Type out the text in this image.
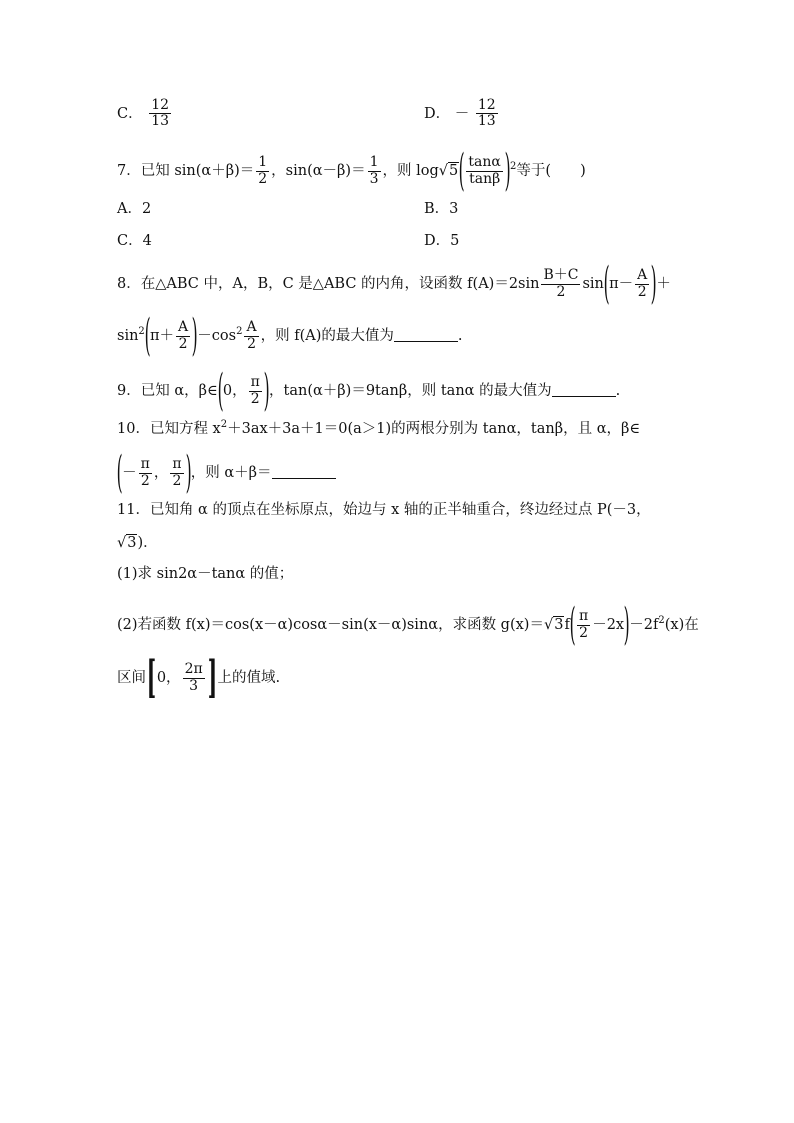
C． $\frac{12}{13}$	D． － $\frac{12}{13}$
7．已知 $\sin(\alpha+\beta)= \frac{1}{2}$ ，$\sin(\alpha-\beta)= \frac{1}{3}$ ，则 $\log√5( \frac{\tan\alpha}{\tan\beta} )^2$等于(　　)
A．2	B．3
C．4	D．5
8．在△ABC 中，A，B，C 是△ABC 的内角，设函数 $f(A)=2\sin \frac{B+C}{2} \sin(\pi- \frac{A}{2}$ )＋
$\sin^2(\pi+ \frac{A}{2} )-\cos^2 \frac{A}{2}$ ，则 f(A)的最大值为	.
9．已知 α，β∈(0， $\frac{\pi}{2}$ )，tan(α＋β)＝9tanβ，则 tanα 的最大值为	.
10．已知方程 $x^2+3ax+3a+1=0(a>1)$的两根分别为 tanα，tanβ，且 α，β∈
(－ $\frac{\pi}{2}$ ， $\frac{\pi}{2}$ )，则 α＋β＝
11．已知角 α 的顶点在坐标原点，始边与 x 轴的正半轴重合，终边经过点 P(－3，
√3)．
(1)求 sin2α－tanα 的值；
(2)若函数 f(x)＝cos(x－α)cosα－sin(x－α)sinα，求函数 $g(x)=√3f( \frac{\pi}{2} -2x)-2f^2(x)$在
区间[0， $\frac{2\pi}{3}$ ]上的值域.
